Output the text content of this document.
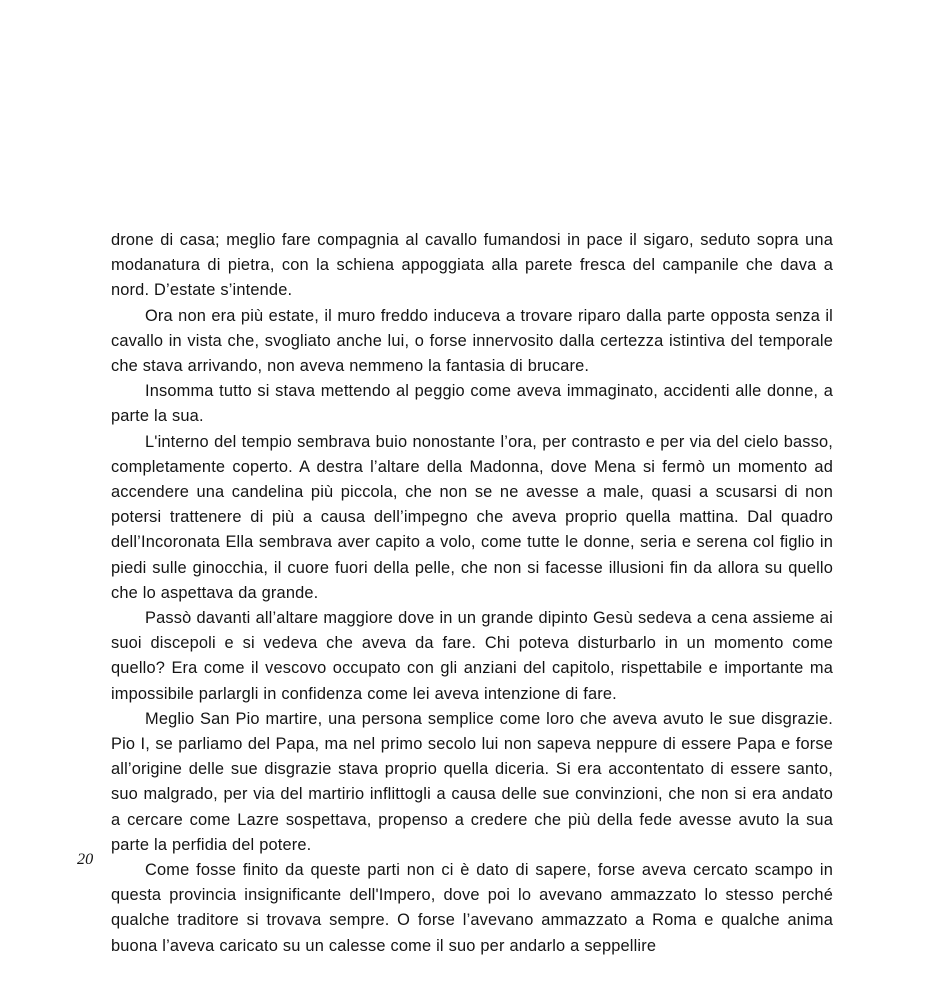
drone di casa; meglio fare compagnia al cavallo fumandosi in pace il sigaro, seduto sopra una modanatura di pietra, con la schiena appoggiata alla parete fresca del campanile che dava a nord. D’estate s’intende.

Ora non era più estate, il muro freddo induceva a trovare riparo dalla parte opposta senza il cavallo in vista che, svogliato anche lui, o forse innervosito dalla certezza istintiva del temporale che stava arrivando, non aveva nemmeno la fantasia di brucare.

Insomma tutto si stava mettendo al peggio come aveva immaginato, accidenti alle donne, a parte la sua.

L'interno del tempio sembrava buio nonostante l’ora, per contrasto e per via del cielo basso, completamente coperto. A destra l’altare della Madonna, dove Mena si fermò un momento ad accendere una candelina più piccola, che non se ne avesse a male, quasi a scusarsi di non potersi trattenere di più a causa dell’impegno che aveva proprio quella mattina. Dal quadro dell’Incoronata Ella sembrava aver capito a volo, come tutte le donne, seria e serena col figlio in piedi sulle ginocchia, il cuore fuori della pelle, che non si facesse illusioni fin da allora su quello che lo aspettava da grande.

Passò davanti all’altare maggiore dove in un grande dipinto Gesù sedeva a cena assieme ai suoi discepoli e si vedeva che aveva da fare. Chi poteva disturbarlo in un momento come quello? Era come il vescovo occupato con gli anziani del capitolo, rispettabile e importante ma impossibile parlargli in confidenza come lei aveva intenzione di fare.

Meglio San Pio martire, una persona semplice come loro che aveva avuto le sue disgrazie. Pio I, se parliamo del Papa, ma nel primo secolo lui non sapeva neppure di essere Papa e forse all’origine delle sue disgrazie stava proprio quella diceria. Si era accontentato di essere santo, suo malgrado, per via del martirio inflittogli a causa delle sue convinzioni, che non si era andato a cercare come Lazre sospettava, propenso a credere che più della fede avesse avuto la sua parte la perfidia del potere.

Come fosse finito da queste parti non ci è dato di sapere, forse aveva cercato scampo in questa provincia insignificante dell'Impero, dove poi lo avevano ammazzato lo stesso perché qualche traditore si trovava sempre. O forse l’avevano ammazzato a Roma e qualche anima buona l’aveva caricato su un calesse come il suo per andarlo a seppellire

20
